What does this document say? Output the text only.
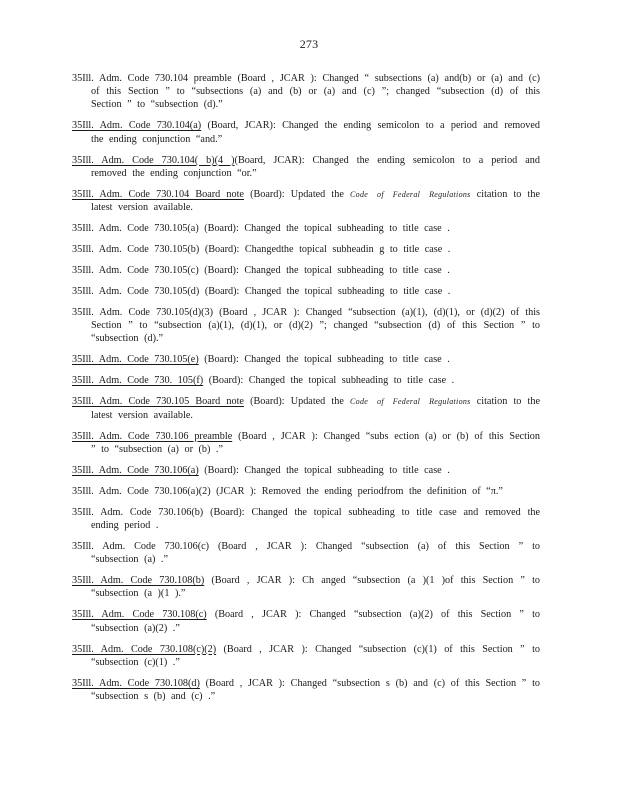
273

35Ill. Adm. Code 730.104 preamble (Board , JCAR ): Changed “ subsections (a) and(b) or (a) and (c) of this Section ” to “subsections (a) and (b) or (a) and (c) ”; changed “subsection (d) of this Section ” to “subsection (d).”

35Ill. Adm. Code 730.104(a) (Board, JCAR): Changed the ending semicolon to a period and removed the ending conjunction “and.”

35Ill. Adm. Code 730.104( b)(4 )(Board, JCAR): Changed the ending semicolon to a period and removed the ending conjunction “or.”

35Ill. Adm. Code 730.104 Board note (Board): Updated the Code of Federal Regulations citation to the latest version available.

35Ill. Adm. Code 730.105(a) (Board): Changed the topical subheading to title case .

35Ill. Adm. Code 730.105(b) (Board): Changedthe topical subheadin g to title case .

35Ill. Adm. Code 730.105(c) (Board): Changed the topical subheading to title case .

35Ill. Adm. Code 730.105(d) (Board): Changed the topical subheading to title case .

35Ill. Adm. Code 730.105(d)(3) (Board , JCAR ): Changed “subsection (a)(1), (d)(1), or (d)(2) of this Section ” to “subsection (a)(1), (d)(1), or (d)(2) ”; changed “subsection (d) of this Section ” to “subsection (d).”

35Ill. Adm. Code 730.105(e) (Board): Changed the topical subheading to title case .

35Ill. Adm. Code 730. 105(f) (Board): Changed the topical subheading to title case .

35Ill. Adm. Code 730.105 Board note (Board): Updated the Code of Federal Regulations citation to the latest version available.

35Ill. Adm. Code 730.106 preamble (Board , JCAR ): Changed “subs ection (a) or (b) of this Section ” to “subsection (a) or (b) .”

35Ill. Adm. Code 730.106(a) (Board): Changed the topical subheading to title case .

35Ill. Adm. Code 730.106(a)(2) (JCAR ): Removed the ending periodfrom the definition of “π.”

35Ill. Adm. Code 730.106(b) (Board): Changed the topical subheading to title case and removed the ending period .

35Ill. Adm. Code 730.106(c) (Board , JCAR ): Changed “subsection (a) of this Section ” to “subsection (a) .”

35Ill. Adm. Code 730.108(b) (Board , JCAR ): Ch anged “subsection (a )(1 )of this Section ” to “subsection (a )(1 ).”

35Ill. Adm. Code 730.108(c) (Board , JCAR ): Changed “subsection (a)(2) of this Section ” to “subsection (a)(2) .”

35Ill. Adm. Code 730.108(c)(2) (Board , JCAR ): Changed “subsection (c)(1) of this Section ” to “subsection (c)(1) .”

35Ill. Adm. Code 730.108(d) (Board , JCAR ): Changed “subsection s (b) and (c) of this Section ” to “subsection s (b) and (c) .”
